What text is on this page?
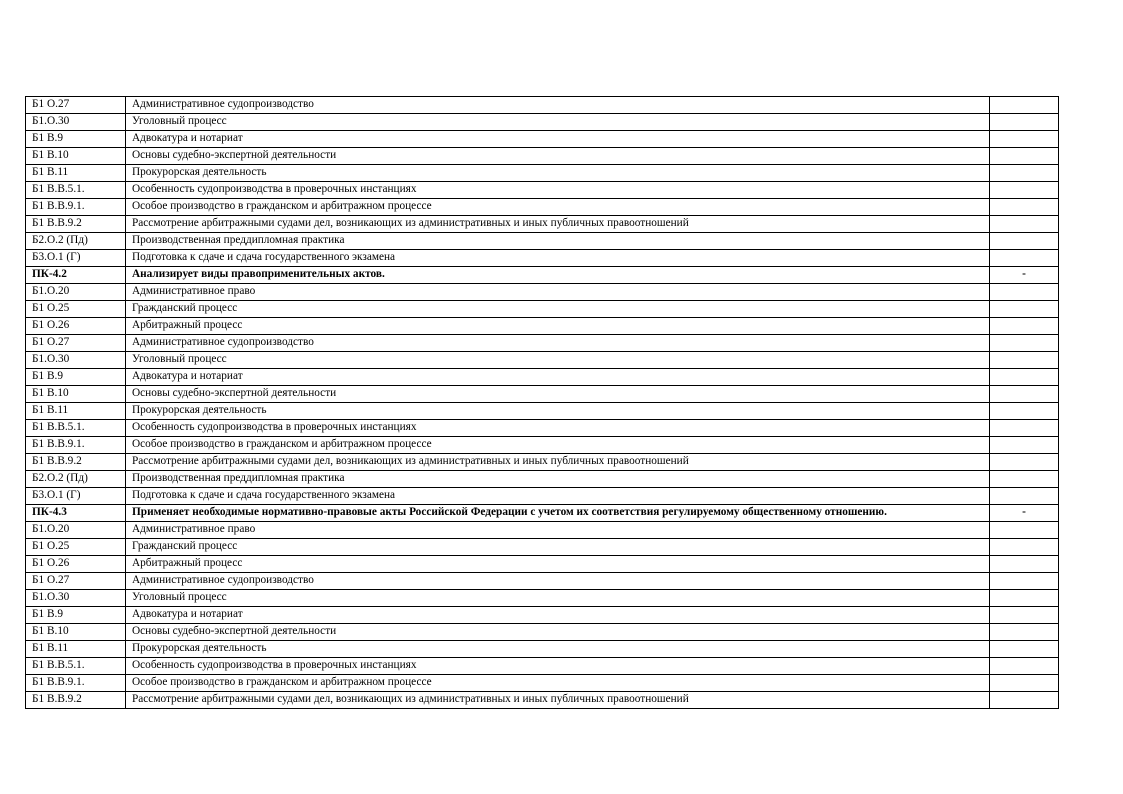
Б1 О.27	Административное судопроизводство	
Б1.О.30	Уголовный процесс	
Б1 В.9	Адвокатура и нотариат	
Б1 В.10	Основы судебно-экспертной деятельности	
Б1 В.11	Прокурорская деятельность	
Б1 В.В.5.1.	Особенность судопроизводства в проверочных инстанциях	
Б1 В.В.9.1.	Особое производство в гражданском и арбитражном процессе	
Б1 В.В.9.2	Рассмотрение арбитражными судами дел, возникающих из административных и иных публичных правоотношений	
Б2.О.2 (Пд)	Производственная преддипломная практика	
Б3.О.1 (Г)	Подготовка к сдаче и сдача государственного экзамена	
ПК-4.2	Анализирует виды правоприменительных актов.	-
Б1.О.20	Административное право	
Б1 О.25	Гражданский процесс	
Б1 О.26	Арбитражный процесс	
Б1 О.27	Административное судопроизводство	
Б1.О.30	Уголовный процесс	
Б1 В.9	Адвокатура и нотариат	
Б1 В.10	Основы судебно-экспертной деятельности	
Б1 В.11	Прокурорская деятельность	
Б1 В.В.5.1.	Особенность судопроизводства в проверочных инстанциях	
Б1 В.В.9.1.	Особое производство в гражданском и арбитражном процессе	
Б1 В.В.9.2	Рассмотрение арбитражными судами дел, возникающих из административных и иных публичных правоотношений	
Б2.О.2 (Пд)	Производственная преддипломная практика	
Б3.О.1 (Г)	Подготовка к сдаче и сдача государственного экзамена	
ПК-4.3	Применяет необходимые нормативно-правовые акты Российской Федерации с учетом их соответствия регулируемому общественному отношению.	-
Б1.О.20	Административное право	
Б1 О.25	Гражданский процесс	
Б1 О.26	Арбитражный процесс	
Б1 О.27	Административное судопроизводство	
Б1.О.30	Уголовный процесс	
Б1 В.9	Адвокатура и нотариат	
Б1 В.10	Основы судебно-экспертной деятельности	
Б1 В.11	Прокурорская деятельность	
Б1 В.В.5.1.	Особенность судопроизводства в проверочных инстанциях	
Б1 В.В.9.1.	Особое производство в гражданском и арбитражном процессе	
Б1 В.В.9.2	Рассмотрение арбитражными судами дел, возникающих из административных и иных публичных правоотношений	
